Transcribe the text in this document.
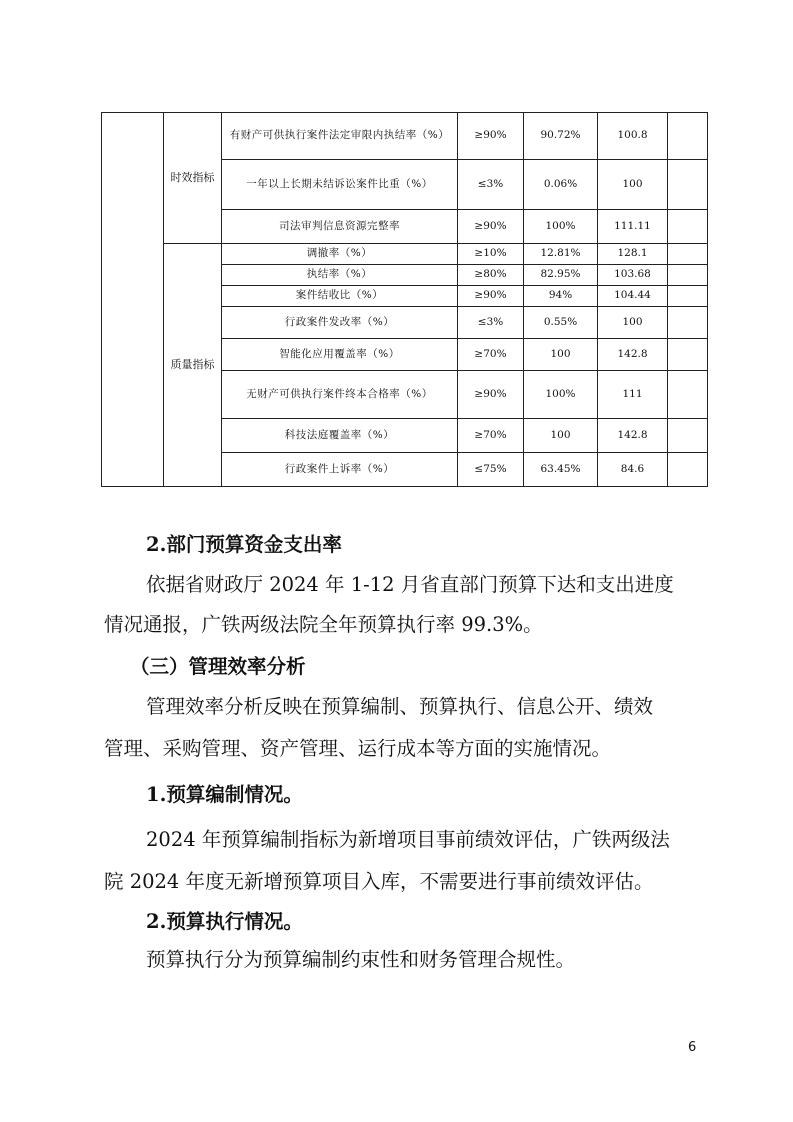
	时效指标	有财产可供执行案件法定审限内执结率（%）	≥90%	90.72%	100.8	
		一年以上长期未结诉讼案件比重（%）	≤3%	0.06%	100	
		司法审判信息资源完整率	≥90%	100%	111.11	
	质量指标	调撤率（%）	≥10%	12.81%	128.1	
		执结率（%）	≥80%	82.95%	103.68	
		案件结收比（%）	≥90%	94%	104.44	
		行政案件发改率（%）	≤3%	0.55%	100	
		智能化应用覆盖率（%）	≥70%	100	142.8	
		无财产可供执行案件终本合格率（%）	≥90%	100%	111	
		科技法庭覆盖率（%）	≥70%	100	142.8	
		行政案件上诉率（%）	≤75%	63.45%	84.6	
2.部门预算资金支出率
依据省财政厅 2024 年 1-12 月省直部门预算下达和支出进度
情况通报，广铁两级法院全年预算执行率 99.3%。
（三）管理效率分析
管理效率分析反映在预算编制、预算执行、信息公开、绩效
管理、采购管理、资产管理、运行成本等方面的实施情况。
1.预算编制情况。
2024 年预算编制指标为新增项目事前绩效评估，广铁两级法
院 2024 年度无新增预算项目入库，不需要进行事前绩效评估。
2.预算执行情况。
预算执行分为预算编制约束性和财务管理合规性。
6
